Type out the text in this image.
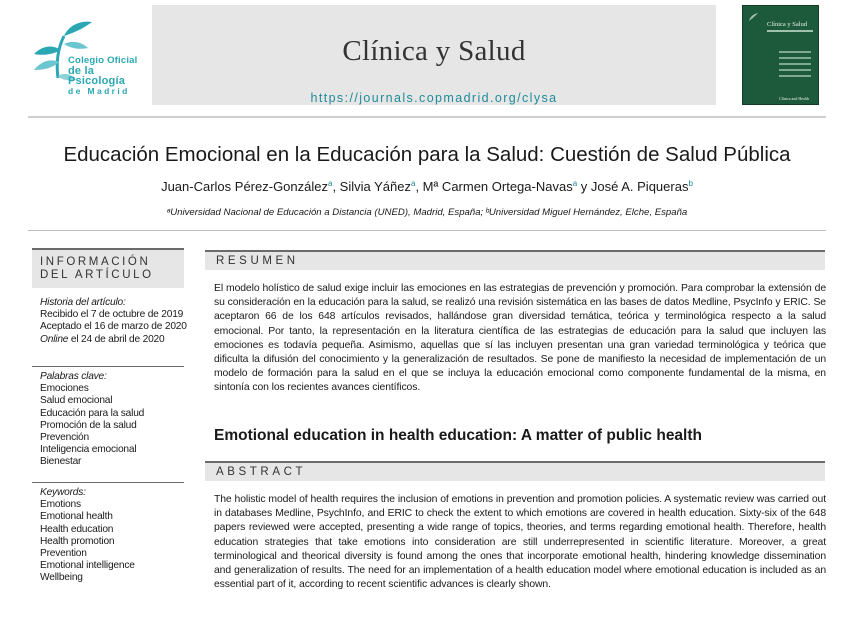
Colegio Oficial
de la Psicología
de Madrid
Clínica y Salud
https://journals.copmadrid.org/clysa
Clínica y Salud
Clínica and Health
Educación Emocional en la Educación para la Salud: Cuestión de Salud Pública
Juan-Carlos Pérez-González$^a$, Silvia Yáñez$^a$, Mª Carmen Ortega-Navas$^a$ y José A. Piqueras$^b$
ᵃUniversidad Nacional de Educación a Distancia (UNED), Madrid, España; ᵇUniversidad Miguel Hernández, Elche, España
INFORMACIÓN
DEL ARTÍCULO
Historia del artículo:
Recibido el 7 de octubre de 2019
Aceptado el 16 de marzo de 2020
Online el 24 de abril de 2020
Palabras clave:
Emociones
Salud emocional
Educación para la salud
Promoción de la salud
Prevención
Inteligencia emocional
Bienestar
Keywords:
Emotions
Emotional health
Health education
Health promotion
Prevention
Emotional intelligence
Wellbeing
RESUMEN
El modelo holístico de salud exige incluir las emociones en las estrategias de prevención y promoción. Para comprobar la extensión de su consideración en la educación para la salud, se realizó una revisión sistemática en las bases de datos Medline, PsycInfo y ERIC. Se aceptaron 66 de los 648 artículos revisados, hallándose gran diversidad temática, teórica y terminológica respecto a la salud emocional. Por tanto, la representación en la literatura científica de las estrategias de educación para la salud que incluyen las emociones es todavía pequeña. Asimismo, aquellas que sí las incluyen presentan una gran variedad terminológica y teórica que dificulta la difusión del conocimiento y la generalización de resultados. Se pone de manifiesto la necesidad de implementación de un modelo de formación para la salud en el que se incluya la educación emocional como componente fundamental de la misma, en sintonía con los recientes avances científicos.
Emotional education in health education: A matter of public health
ABSTRACT
The holistic model of health requires the inclusion of emotions in prevention and promotion policies. A systematic review was carried out in databases Medline, PsychInfo, and ERIC to check the extent to which emotions are covered in health education. Sixty-six of the 648 papers reviewed were accepted, presenting a wide range of topics, theories, and terms regarding emotional health. Therefore, health education strategies that take emotions into consideration are still underrepresented in scientific literature. Moreover, a great terminological and theorical diversity is found among the ones that incorporate emotional health, hindering knowledge dissemination and generalization of results. The need for an implementation of a health education model where emotional education is included as an essential part of it, according to recent scientific advances is clearly shown.
